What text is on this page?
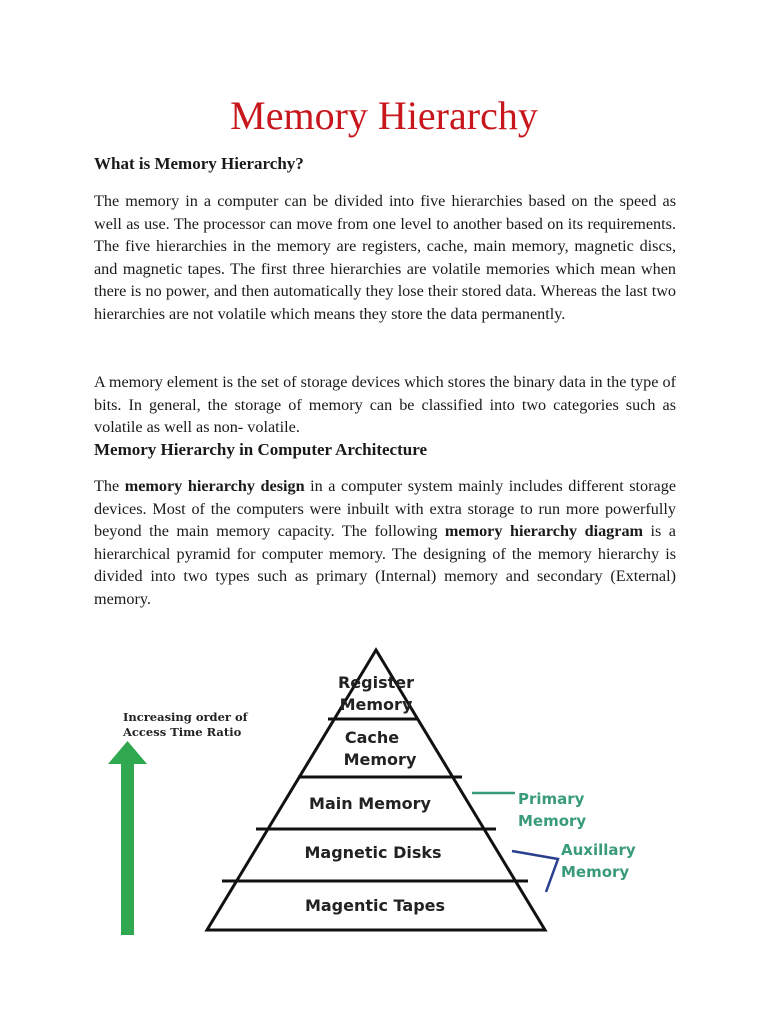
Memory Hierarchy
What is Memory Hierarchy?

The memory in a computer can be divided into five hierarchies based on the speed as well as use. The processor can move from one level to another based on its requirements. The five hierarchies in the memory are registers, cache, main memory, magnetic discs, and magnetic tapes. The first three hierarchies are volatile memories which mean when there is no power, and then automatically they lose their stored data. Whereas the last two hierarchies are not volatile which means they store the data permanently.

A memory element is the set of storage devices which stores the binary data in the type of bits. In general, the storage of memory can be classified into two categories such as volatile as well as non- volatile.

Memory Hierarchy in Computer Architecture

The memory hierarchy design in a computer system mainly includes different storage devices. Most of the computers were inbuilt with extra storage to run more powerfully beyond the main memory capacity. The following memory hierarchy diagram is a hierarchical pyramid for computer memory. The designing of the memory hierarchy is divided into two types such as primary (Internal) memory and secondary (External) memory.

Increasing order of
Access Time Ratio
Register
Memory
Cache
Memory
Main Memory
Magnetic Disks
Magentic Tapes
Primary
Memory
Auxillary
Memory
